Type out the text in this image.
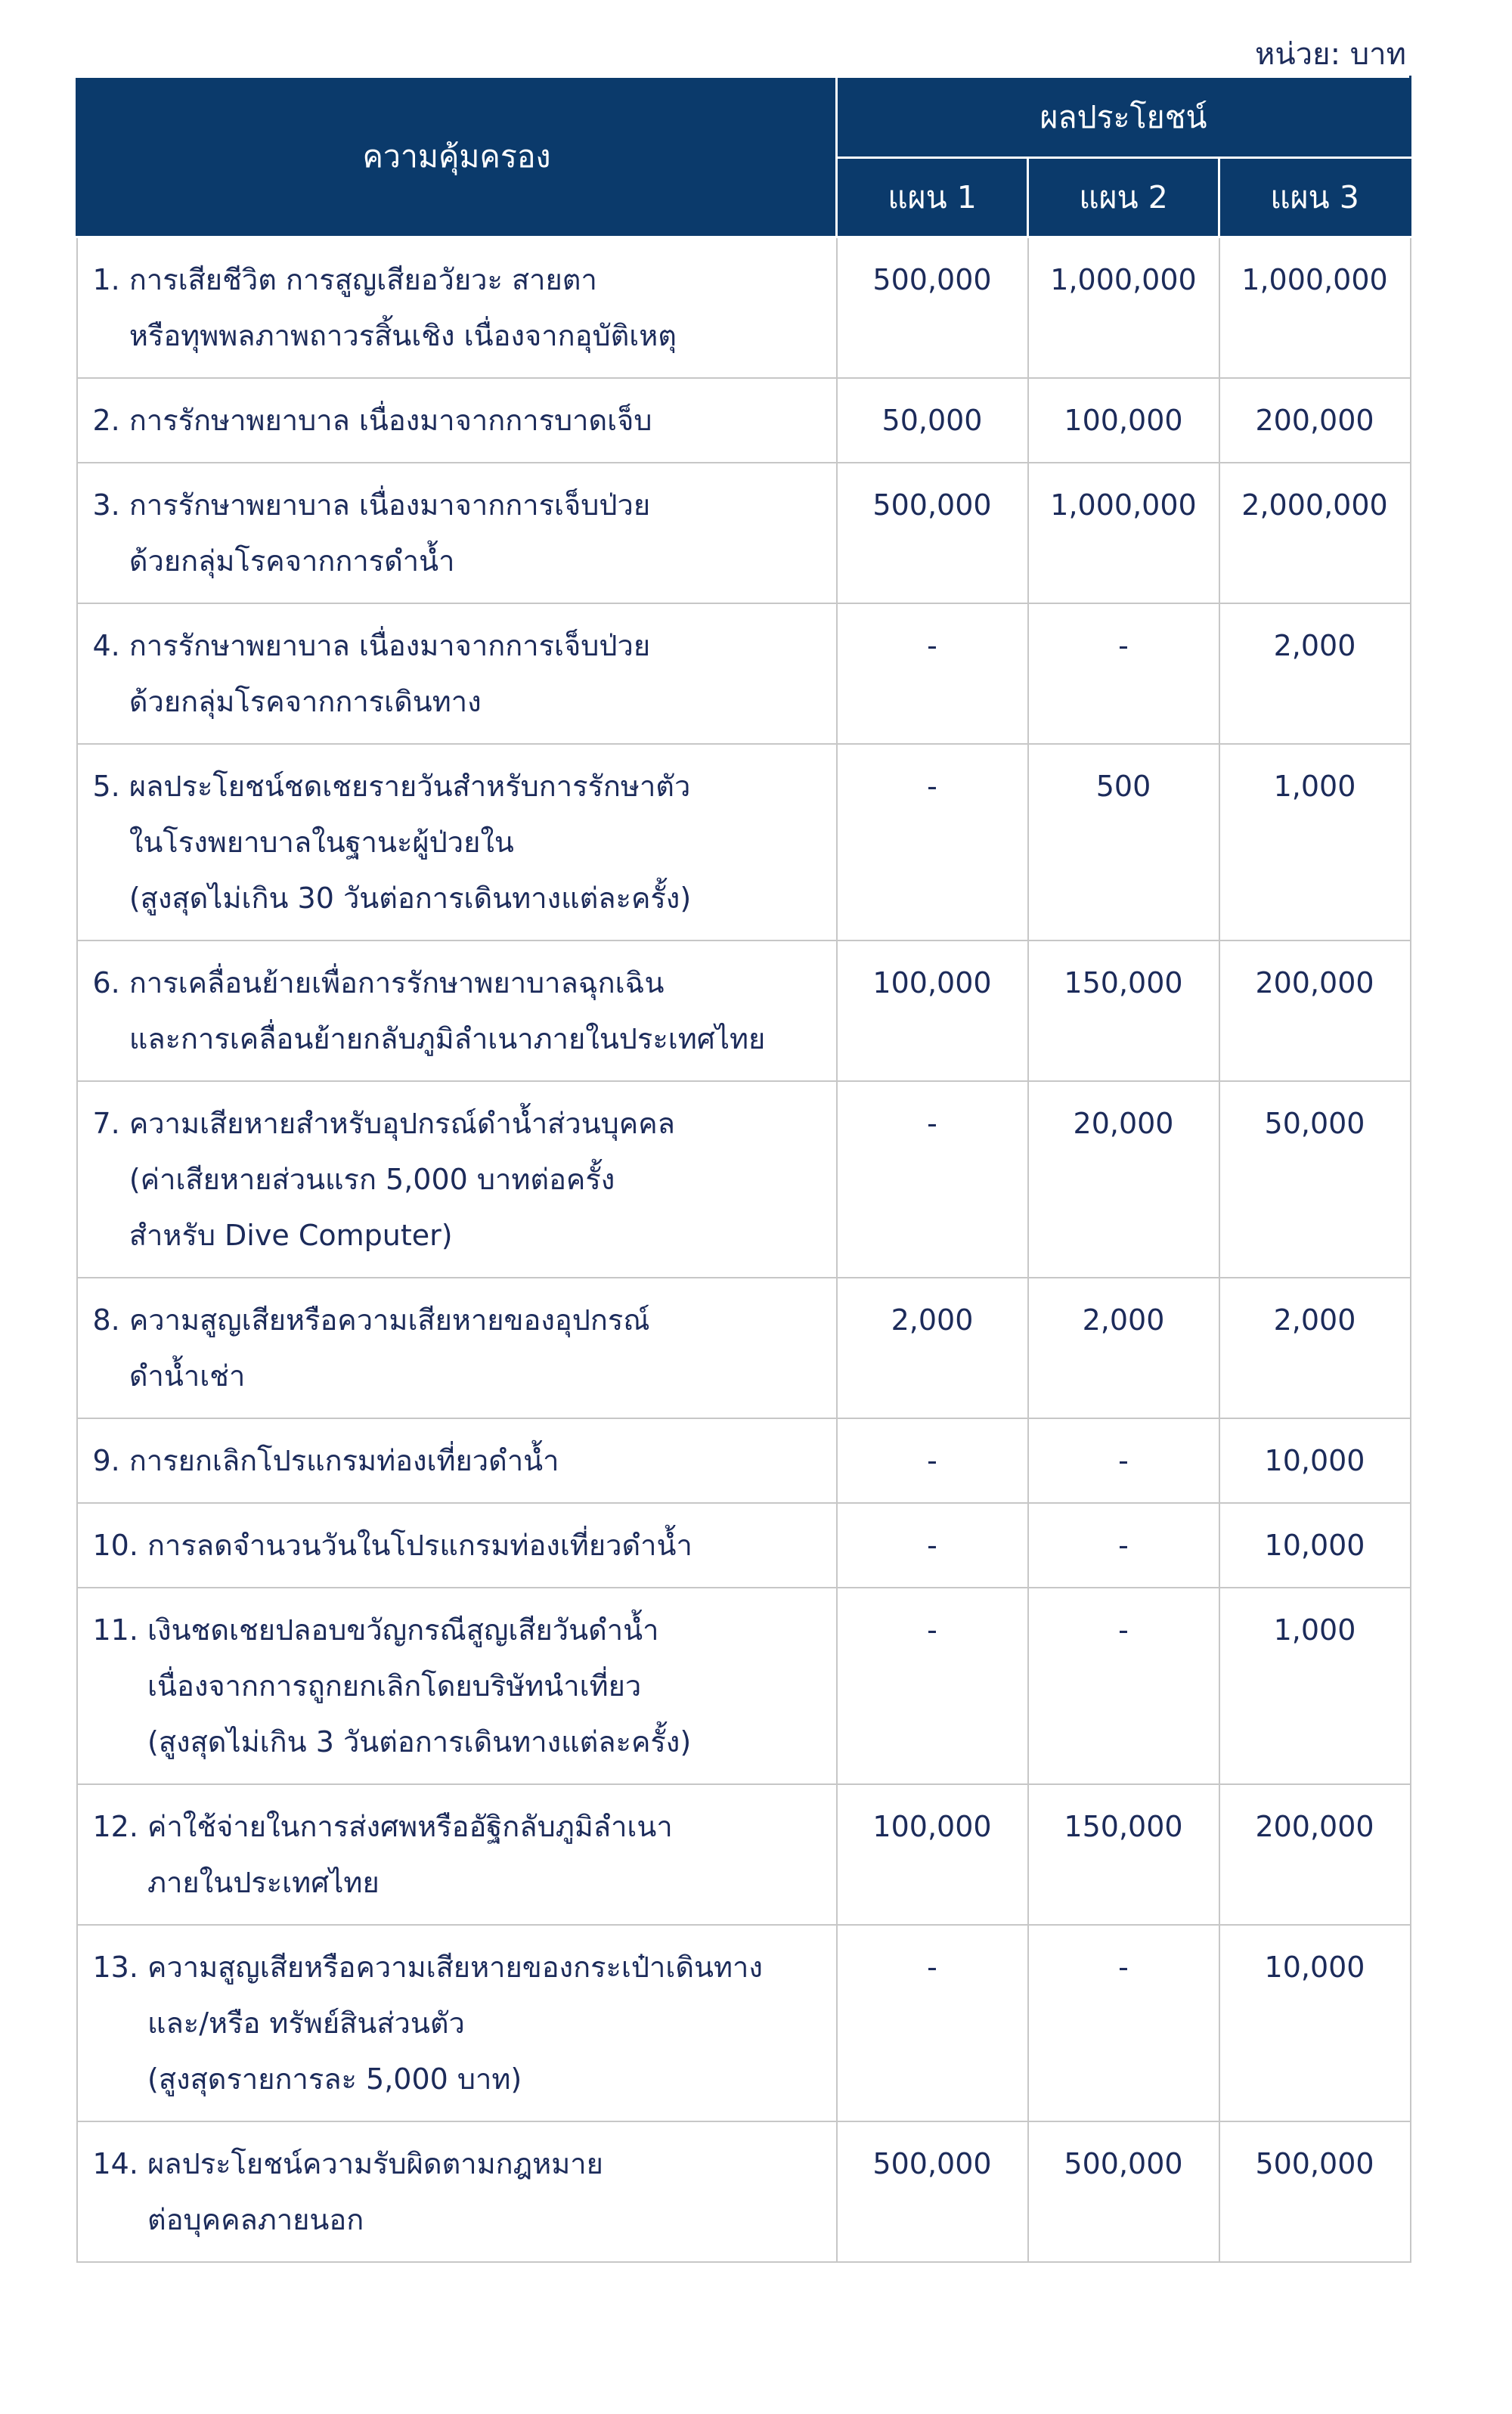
หน่วย: บาท
ความคุ้มครอง	ผลประโยชน์		
	แผน 1	แผน 2	แผน 3

1.
การเสียชีวิต การสูญเสียอวัยวะ สายตา
หรือทุพพลภาพถาวรสิ้นเชิง เนื่องจากอุบัติเหตุ	500,000	1,000,000	1,000,000

2.
การรักษาพยาบาล เนื่องมาจากการบาดเจ็บ	50,000	100,000	200,000

3.
การรักษาพยาบาล เนื่องมาจากการเจ็บป่วย
ด้วยกลุ่มโรคจากการดำน้ำ	500,000	1,000,000	2,000,000

4.
การรักษาพยาบาล เนื่องมาจากการเจ็บป่วย
ด้วยกลุ่มโรคจากการเดินทาง	-	-	2,000

5.
ผลประโยชน์ชดเชยรายวันสำหรับการรักษาตัว
ในโรงพยาบาลในฐานะผู้ป่วยใน
(สูงสุดไม่เกิน 30 วันต่อการเดินทางแต่ละครั้ง)	-	500	1,000

6.
การเคลื่อนย้ายเพื่อการรักษาพยาบาลฉุกเฉิน
และการเคลื่อนย้ายกลับภูมิลำเนาภายในประเทศไทย	100,000	150,000	200,000

7.
ความเสียหายสำหรับอุปกรณ์ดำน้ำส่วนบุคคล
(ค่าเสียหายส่วนแรก 5,000 บาทต่อครั้ง
สำหรับ Dive Computer)	-	20,000	50,000

8.
ความสูญเสียหรือความเสียหายของอุปกรณ์
ดำน้ำเช่า	2,000	2,000	2,000

9.
การยกเลิกโปรแกรมท่องเที่ยวดำน้ำ	-	-	10,000

10.
การลดจำนวนวันในโปรแกรมท่องเที่ยวดำน้ำ	-	-	10,000

11.
เงินชดเชยปลอบขวัญกรณีสูญเสียวันดำน้ำ
เนื่องจากการถูกยกเลิกโดยบริษัทนำเที่ยว
(สูงสุดไม่เกิน 3 วันต่อการเดินทางแต่ละครั้ง)	-	-	1,000

12.
ค่าใช้จ่ายในการส่งศพหรืออัฐิกลับภูมิลำเนา
ภายในประเทศไทย	100,000	150,000	200,000

13.
ความสูญเสียหรือความเสียหายของกระเป๋าเดินทาง
และ/หรือ ทรัพย์สินส่วนตัว
(สูงสุดรายการละ 5,000 บาท)	-	-	10,000

14.
ผลประโยชน์ความรับผิดตามกฎหมาย
ต่อบุคคลภายนอก	500,000	500,000	500,000
